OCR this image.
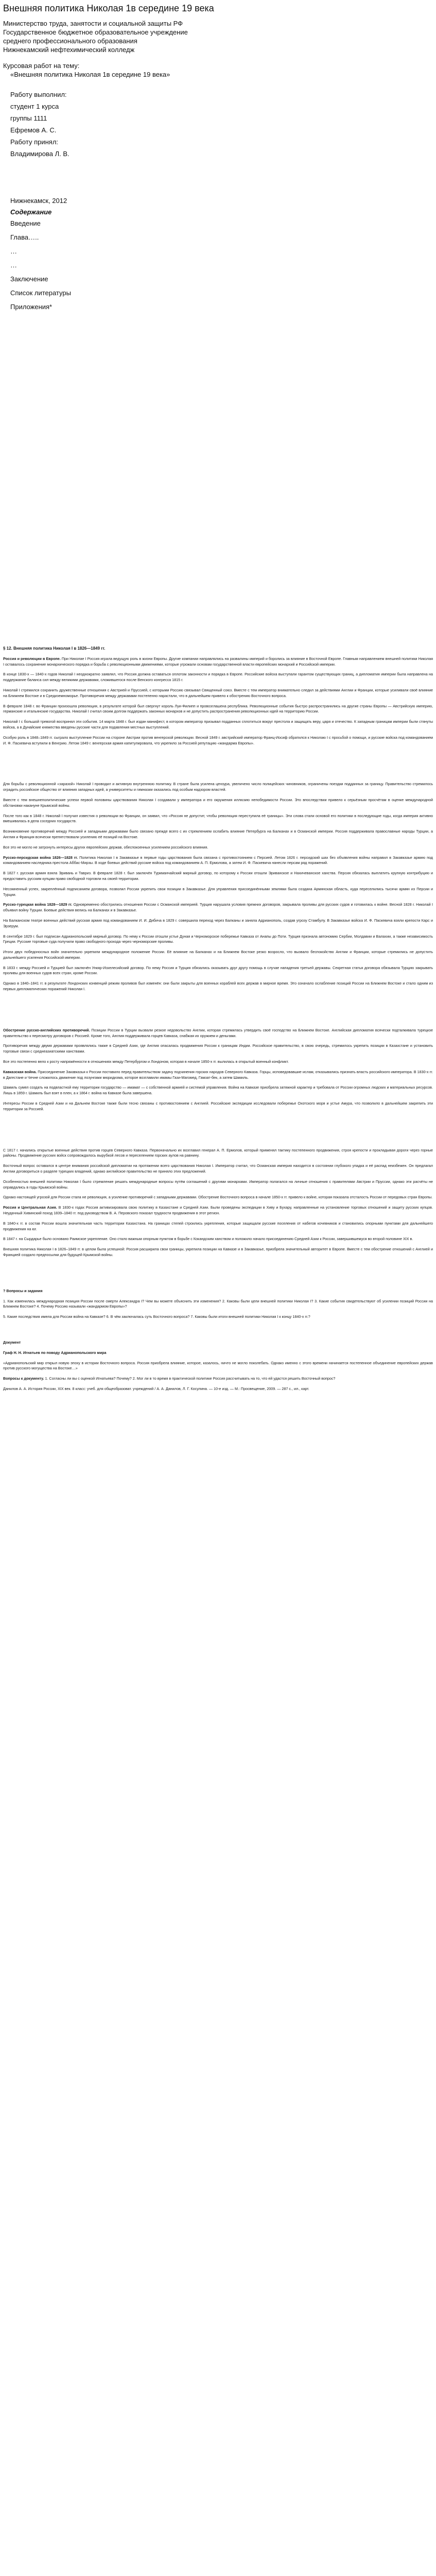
Внешняя политика Николая 1в середине 19 века

Министерство труда, занятости и социальной защиты РФ

Государственное бюджетное образовательное учреждение

среднего профессионального образования

Нижнекамский нефтехимический колледж

Курсовая работ на тему:
«Внешняя политика Николая 1в середине 19 века»

Работу выполнил:

студент 1 курса

группы 1111

Ефремов А. С.

Работу принял:

Владимирова Л. В.

Нижнекамск, 2012

Содержание

Введение

Глава…..

…

…

Заключение

Список литературы

Приложения*

§ 12. Внешняя политика Николая I в 1826—1849 гг.

Россия и революции в Европе. При Николае I Россия играла ведущую роль в жизни Европы. Другие компании направлялись на развалины империй и боролись за влияние в Восточной Европе. Главным направлением внешней политики Николая I оставалось сохранение монархического порядка и борьба с революционными движениями, которые угрожали основам государственной власти европейских монархий и Российской империи.

В конце 1830-х — 1840-х годов Николай I неоднократно заявлял, что Россия должна оставаться оплотом законности и порядка в Европе. Российские войска выступали гарантом существующих границ, а дипломатия империи была направлена на поддержание баланса сил между великими державами, сложившегося после Венского конгресса 1815 г.

Николай I стремился сохранить дружественные отношения с Австрией и Пруссией, с которыми Россию связывал Священный союз. Вместе с тем император внимательно следил за действиями Англии и Франции, которые усиливали своё влияние на Ближнем Востоке и в Средиземноморье. Противоречия между державами постепенно нарастали, что в дальнейшем привело к обострению Восточного вопроса.

В феврале 1848 г. во Франции произошла революция, в результате которой был свергнут король Луи-Филипп и провозглашена республика. Революционные события быстро распространились на другие страны Европы — Австрийскую империю, германские и итальянские государства. Николай I считал своим долгом поддержать законных монархов и не допустить распространения революционных идей на территорию России.

Николай I с большой тревогой воспринял эти события. 14 марта 1848 г. был издан манифест, в котором император призывал подданных сплотиться вокруг престола и защищать веру, царя и отечество. К западным границам империи были стянуты войска, а в Дунайские княжества введены русские части для подавления местных выступлений.

Особую роль в 1848–1849 гг. сыграло выступление России на стороне Австрии против венгерской революции. Весной 1849 г. австрийский император Франц-Иосиф обратился к Николаю I с просьбой о помощи, и русские войска под командованием И. Ф. Паскевича вступили в Венгрию. Летом 1849 г. венгерская армия капитулировала, что укрепило за Россией репутацию «жандарма Европы».

Для борьбы с революционной «заразой» Николай I проводил и активную внутреннюю политику. В стране была усилена цензура, увеличено число полицейских чиновников, ограничены поездки подданных за границу. Правительство стремилось оградить российское общество от влияния западных идей, а университеты и гимназии оказались под особым надзором властей.

Вместе с тем внешнеполитические успехи первой половины царствования Николая I создавали у императора и его окружения иллюзию непобедимости России. Это впоследствии привело к серьёзным просчётам в оценке международной обстановки накануне Крымской войны.

После того как в 1848 г. Николай I получил известия о революции во Франции, он заявил, что «Россия не допустит, чтобы революция переступила её границы». Эти слова стали основой его политики в последующие годы, когда империя активно вмешивалась в дела соседних государств.

Возникновение противоречий между Россией и западными державами было связано прежде всего с их стремлением ослабить влияние Петербурга на Балканах и в Османской империи. Россия поддерживала православные народы Турции, а Англия и Франция всячески препятствовали усилению её позиций на Востоке.

Все это не могло не затронуть интересы других европейских держав, обеспокоенных усилением российского влияния.

Русско-персидская война 1826—1828 гг. Политика Николая I в Закавказье в первые годы царствования была связана с противостоянием с Персией. Летом 1826 г. персидский шах без объявления войны направил в Закавказье армию под командованием наследника престола Аббас-Мирзы. В ходе боевых действий русские войска под командованием А. П. Ермолова, а затем И. Ф. Паскевича нанесли персам ряд поражений.

В 1827 г. русская армия взяла Эривань и Тавриз. В феврале 1828 г. был заключён Туркманчайский мирный договор, по которому к России отошли Эриванское и Нахичеванское ханства. Персия обязалась выплатить крупную контрибуцию и предоставить русским купцам право свободной торговли на своей территории.

Несомненный успех, закреплённый подписанием договора, позволил России укрепить свои позиции в Закавказье. Для управления присоединёнными землями была создана Армянская область, куда переселились тысячи армян из Персии и Турции.

Русско-турецкая война 1828—1829 гг. Одновременно обострились отношения России с Османской империей. Турция нарушала условия прежних договоров, закрывала проливы для русских судов и готовилась к войне. Весной 1828 г. Николай I объявил войну Турции. Боевые действия велись на Балканах и в Закавказье.

На Балканском театре военных действий русская армия под командованием И. И. Дибича в 1829 г. совершила переход через Балканы и заняла Адрианополь, создав угрозу Стамбулу. В Закавказье войска И. Ф. Паскевича взяли крепости Карс и Эрзерум.

В сентябре 1829 г. был подписан Адрианопольский мирный договор. По нему к России отошли устье Дуная и Черноморское побережье Кавказа от Анапы до Поти. Турция признала автономию Сербии, Молдавии и Валахии, а также независимость Греции. Русские торговые суда получили право свободного прохода через черноморские проливы.

Итоги двух победоносных войн значительно укрепили международное положение России. Её влияние на Балканах и на Ближнем Востоке резко возросло, что вызвало беспокойство Англии и Франции, которые стремились не допустить дальнейшего усиления Российской империи.

В 1833 г. между Россией и Турцией был заключён Ункяр-Искелесийский договор. По нему Россия и Турция обязались оказывать друг другу помощь в случае нападения третьей державы. Секретная статья договора обязывала Турцию закрывать проливы для военных судов всех стран, кроме России.

Однако в 1840–1841 гг. в результате Лондонских конвенций режим проливов был изменён: они были закрыты для военных кораблей всех держав в мирное время. Это означало ослабление позиций России на Ближнем Востоке и стало одним из первых дипломатических поражений Николая I.

Обострение русско-английских противоречий. Позиции России в Турции вызвали резкое недовольство Англии, которая стремилась утвердить своё господство на Ближнем Востоке. Английская дипломатия всячески подталкивала турецкое правительство к пересмотру договоров с Россией. Кроме того, Англия поддерживала горцев Кавказа, снабжая их оружием и деньгами.

Противоречия между двумя державами проявлялись также в Средней Азии, где Англия опасалась продвижения России к границам Индии. Российское правительство, в свою очередь, стремилось укрепить позиции в Казахстане и установить торговые связи с среднеазиатскими ханствами.

Все это постепенно вело к росту напряжённости в отношениях между Петербургом и Лондоном, которая в начале 1850-х гг. вылилась в открытый военный конфликт.

Кавказская война. Присоединение Закавказья к России поставило перед правительством задачу подчинения горских народов Северного Кавказа. Горцы, исповедовавшие ислам, отказывались признать власть российского императора. В 1830-х гг. в Дагестане и Чечне сложилось движение под лозунгами мюридизма, которое возглавили имамы Гази-Магомед, Гамзат-бек, а затем Шамиль.

Шамиль сумел создать на подвластной ему территории государство — имамат — с собственной армией и системой управления. Война на Кавказе приобрела затяжной характер и требовала от России огромных людских и материальных ресурсов. Лишь в 1859 г. Шамиль был взят в плен, а к 1864 г. война на Кавказе была завершена.

Интересы России в Средней Азии и на Дальнем Востоке также были тесно связаны с противостоянием с Англией. Российские экспедиции исследовали побережье Охотского моря и устье Амура, что позволило в дальнейшем закрепить эти территории за Россией.

С 1817 г. начались открытые военные действия против горцев Северного Кавказа. Первоначально их возглавил генерал А. П. Ермолов, который применял тактику постепенного продвижения, строя крепости и прокладывая дороги через горные районы. Продвижение русских войск сопровождалось вырубкой лесов и переселением горских аулов на равнину.

Восточный вопрос оставался в центре внимания российской дипломатии на протяжении всего царствования Николая I. Император считал, что Османская империя находится в состоянии глубокого упадка и её распад неизбежен. Он предлагал Англии договориться о разделе турецких владений, однако английское правительство не приняло этих предложений.

Особенностью внешней политики Николая I было стремление решать международные вопросы путём соглашений с другими монархами. Император полагался на личные отношения с правителями Австрии и Пруссии, однако эти расчёты не оправдались в годы Крымской войны.

Однако настоящей угрозой для России стала не революция, а усиление противоречий с западными державами. Обострение Восточного вопроса в начале 1850-х гг. привело к войне, которая показала отсталость России от передовых стран Европы.

Россия и Центральная Азия. В 1830-х годах Россия активизировала свою политику в Казахстане и Средней Азии. Были проведены экспедиции в Хиву и Бухару, направленные на установление торговых отношений и защиту русских купцов. Неудачный Хивинский поход 1839–1840 гг. под руководством В. А. Перовского показал трудности продвижения в этот регион.

В 1840-х гг. в состав России вошла значительная часть территории Казахстана. На границах степей строились укрепления, которые защищали русские поселения от набегов кочевников и становились опорными пунктами для дальнейшего продвижения на юг.

В 1847 г. на Сырдарье было основано Раимское укрепление. Оно стало важным опорным пунктом в борьбе с Кокандским ханством и положило начало присоединению Средней Азии к России, завершившемуся во второй половине XIX в.

Внешняя политика Николая I в 1826–1849 гг. в целом была успешной: Россия расширила свои границы, укрепила позиции на Кавказе и в Закавказье, приобрела значительный авторитет в Европе. Вместе с тем обострение отношений с Англией и Францией создало предпосылки для будущей Крымской войны.

? Вопросы и задания

1. Как изменилась международная позиция России после смерти Александра I? Чем вы можете объяснить эти изменения? 2. Каковы были цели внешней политики Николая I? 3. Какие события свидетельствуют об усилении позиций России на Ближнем Востоке? 4. Почему Россию называли «жандармом Европы»?

5. Какие последствия имела для России война на Кавказе? 6. В чём заключалась суть Восточного вопроса? 7. Каковы были итоги внешней политики Николая I к концу 1840-х гг.?

Документ

Граф Н. Н. Игнатьев по поводу Адрианопольского мира

«Адрианопольский мир открыл новую эпоху в истории Восточного вопроса. Россия приобрела влияние, которое, казалось, ничто не могло поколебать. Однако именно с этого времени начинается постепенное объединение европейских держав против русского могущества на Востоке…»

Вопросы к документу. 1. Согласны ли вы с оценкой Игнатьева? Почему? 2. Мог ли в то время в практической политике Россия рассчитывать на то, что ей удастся решить Восточный вопрос?

Данилов А. А. История России, XIX век. 8 класс: учеб. для общеобразоват. учреждений / А. А. Данилов, Л. Г. Косулина. — 10-е изд. — М.: Просвещение, 2009. — 287 с., ил., карт.
